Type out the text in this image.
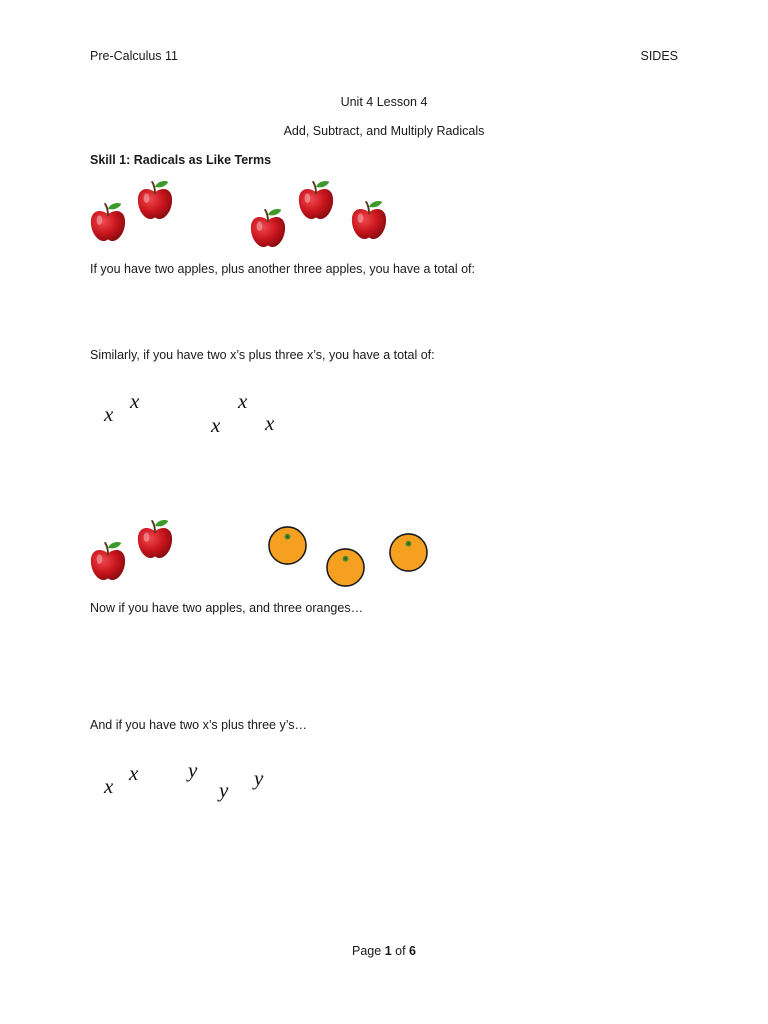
Pre-Calculus 11	SIDES
Unit 4 Lesson 4
Add, Subtract, and Multiply Radicals
Skill 1: Radicals as Like Terms
If you have two apples, plus another three apples, you have a total of:
Similarly, if you have two x’s plus three x’s, you have a total of:
x
x
x
x
x
Now if you have two apples, and three oranges…
And if you have two x’s plus three y’s…
x
x y
y y
Page 1 of 6
